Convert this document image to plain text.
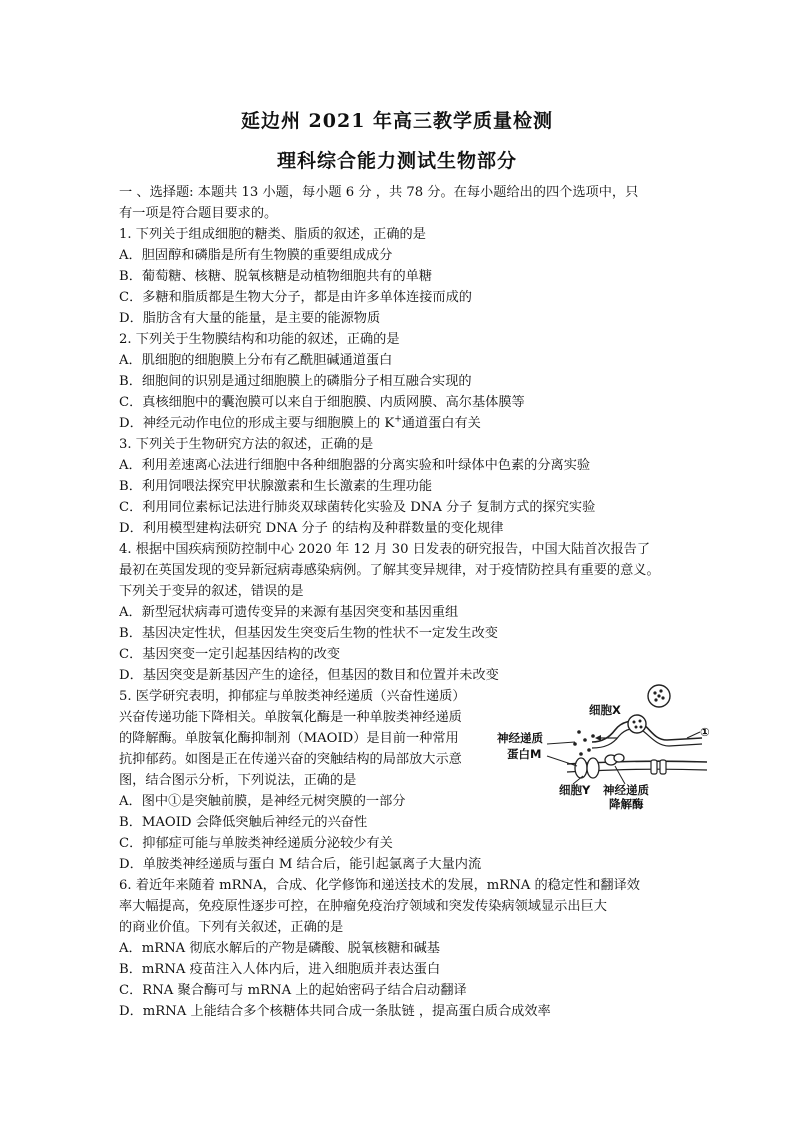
延边州 2021 年高三教学质量检测
理科综合能力测试生物部分
一 、选择题: 本题共 13 小题，每小题 6 分 ，共 78 分。在每小题给出的四个选项中，只
有一项是符合题目要求的。
1. 下列关于组成细胞的糖类、脂质的叙述，正确的是
A．胆固醇和磷脂是所有生物膜的重要组成成分
B．葡萄糖、核糖、脱氧核糖是动植物细胞共有的单糖
C．多糖和脂质都是生物大分子，都是由许多单体连接而成的
D．脂肪含有大量的能量，是主要的能源物质
2. 下列关于生物膜结构和功能的叙述，正确的是
A．肌细胞的细胞膜上分布有乙酰胆碱通道蛋白
B．细胞间的识别是通过细胞膜上的磷脂分子相互融合实现的
C．真核细胞中的囊泡膜可以来自于细胞膜、内质网膜、高尔基体膜等
D．神经元动作电位的形成主要与细胞膜上的 K+通道蛋白有关
3. 下列关于生物研究方法的叙述，正确的是
A．利用差速离心法进行细胞中各种细胞器的分离实验和叶绿体中色素的分离实验
B．利用饲喂法探究甲状腺激素和生长激素的生理功能
C．利用同位素标记法进行肺炎双球菌转化实验及 DNA 分子 复制方式的探究实验
D．利用模型建构法研究 DNA 分子 的结构及种群数量的变化规律
4. 根据中国疾病预防控制中心 2020 年 12 月 30 日发表的研究报告，中国大陆首次报告了
最初在英国发现的变异新冠病毒感染病例。了解其变异规律，对于疫情防控具有重要的意义。
下列关于变异的叙述，错误的是
A．新型冠状病毒可遗传变异的来源有基因突变和基因重组
B．基因决定性状，但基因发生突变后生物的性状不一定发生改变
C．基因突变一定引起基因结构的改变
D．基因突变是新基因产生的途径，但基因的数目和位置并未改变
5. 医学研究表明，抑郁症与单胺类神经递质（兴奋性递质）
兴奋传递功能下降相关。单胺氧化酶是一种单胺类神经递质
的降解酶。单胺氧化酶抑制剂（MAOID）是目前一种常用
抗抑郁药。如图是正在传递兴奋的突触结构的局部放大示意
图，结合图示分析，下列说法，正确的是
A．图中①是突触前膜，是神经元树突膜的一部分
B．MAOID 会降低突触后神经元的兴奋性
C．抑郁症可能与单胺类神经递质分泌较少有关
D．单胺类神经递质与蛋白 M 结合后，能引起氯离子大量内流
6. 着近年来随着 mRNA，合成、化学修饰和递送技术的发展，mRNA 的稳定性和翻译效
率大幅提高，免疫原性逐步可控，在肿瘤免疫治疗领域和突发传染病领域显示出巨大
的商业价值。下列有关叙述，正确的是
A．mRNA 彻底水解后的产物是磷酸、脱氧核糖和碱基
B．mRNA 疫苗注入人体内后，进入细胞质并表达蛋白
C．RNA 聚合酶可与 mRNA 上的起始密码子结合启动翻译
D．mRNA 上能结合多个核糖体共同合成一条肽链 ，提高蛋白质合成效率
细胞X
①
神经递质
蛋白M
细胞Y 神经递质
降解酶
